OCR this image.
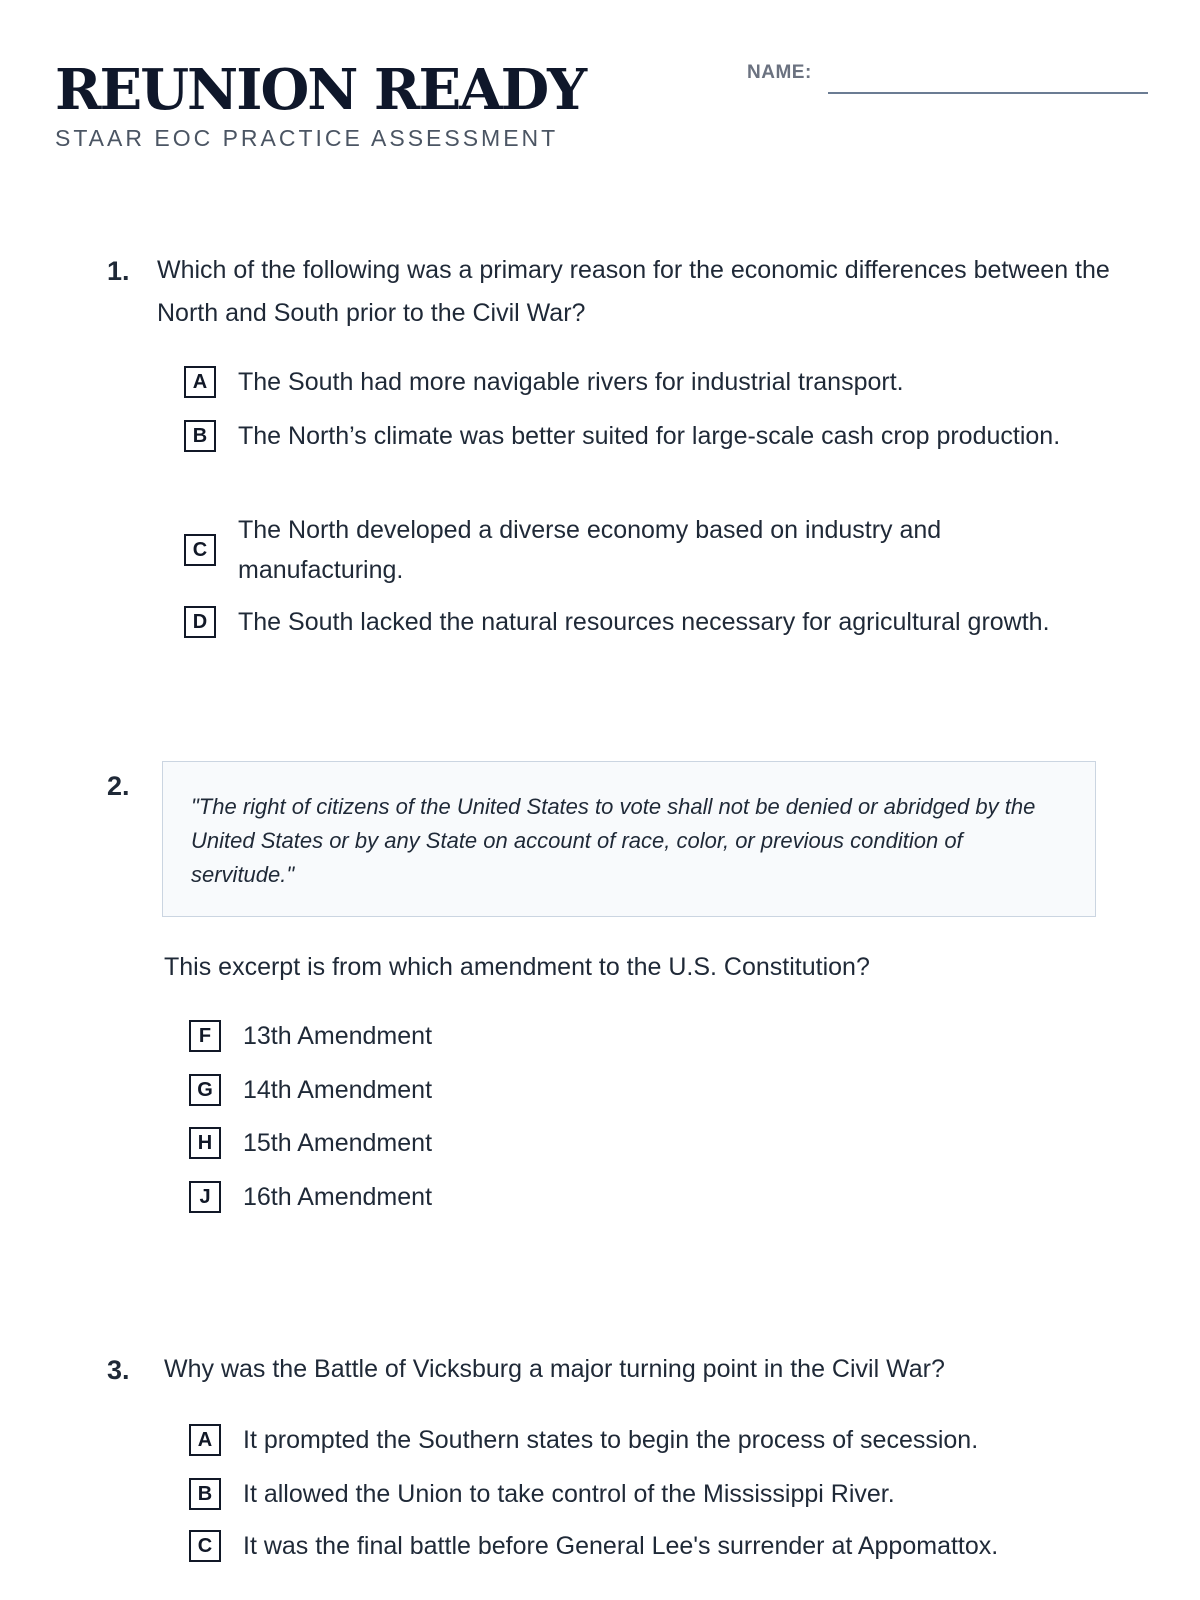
REUNION READY
STAAR EOC PRACTICE ASSESSMENT
NAME:
1. Which of the following was a primary reason for the economic differences between the North and South prior to the Civil War?

A	The South had more navigable rivers for industrial transport.
B	The North’s climate was better suited for large-scale cash crop production.
C
The North developed a diverse economy based on industry and manufacturing.
D	The South lacked the natural resources necessary for agricultural growth.
2.

"The right of citizens of the United States to vote shall not be denied or abridged by the United States or by any State on account of race, color, or previous condition of servitude."

This excerpt is from which amendment to the U.S. Constitution?

F	13th Amendment
G	14th Amendment
H	15th Amendment
J	16th Amendment
3. Why was the Battle of Vicksburg a major turning point in the Civil War?

A	It prompted the Southern states to begin the process of secession.
B	It allowed the Union to take control of the Mississippi River.
C	It was the final battle before General Lee's surrender at Appomattox.
